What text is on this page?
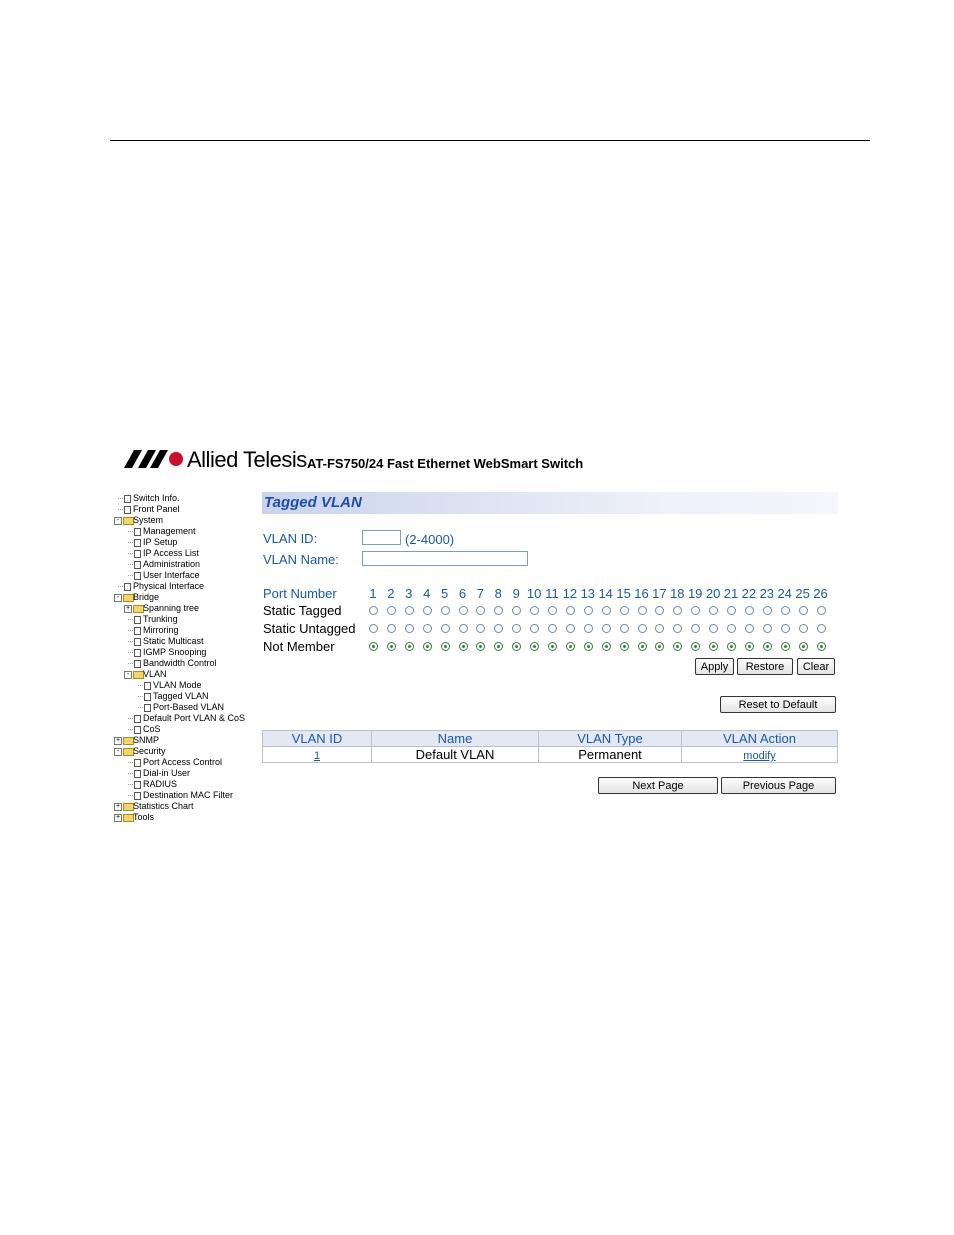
Allied Telesis AT-FS750/24 Fast Ethernet WebSmart Switch
Switch Info.
Front Panel
-	System
Management
IP Setup
IP Access List
Administration
User Interface
Physical Interface
-	Bridge
+ Spanning tree
Trunking
Mirroring
Static Multicast
IGMP Snooping
Bandwidth Control
-	VLAN
VLAN Mode
Tagged VLAN
Port-Based VLAN
Default Port VLAN & CoS
CoS
+ SNMP
-	Security
Port Access Control
Dial-in User
RADIUS
Destination MAC Filter
+ Statistics Chart
+ Tools
Tagged VLAN
VLAN ID:	(2-4000)
VLAN Name:
Port Number	1 2 3 4 5 6 7 8 9 10 11 12 13 14 15 16 17 18 19 20 21 22 23 24 25 26
Static Tagged
Static Untagged
Not Member
Apply	Restore	Clear
Reset to Default
VLAN ID	Name	VLAN Type	VLAN Action
1	Default VLAN	Permanent	modify
Next Page	Previous Page
